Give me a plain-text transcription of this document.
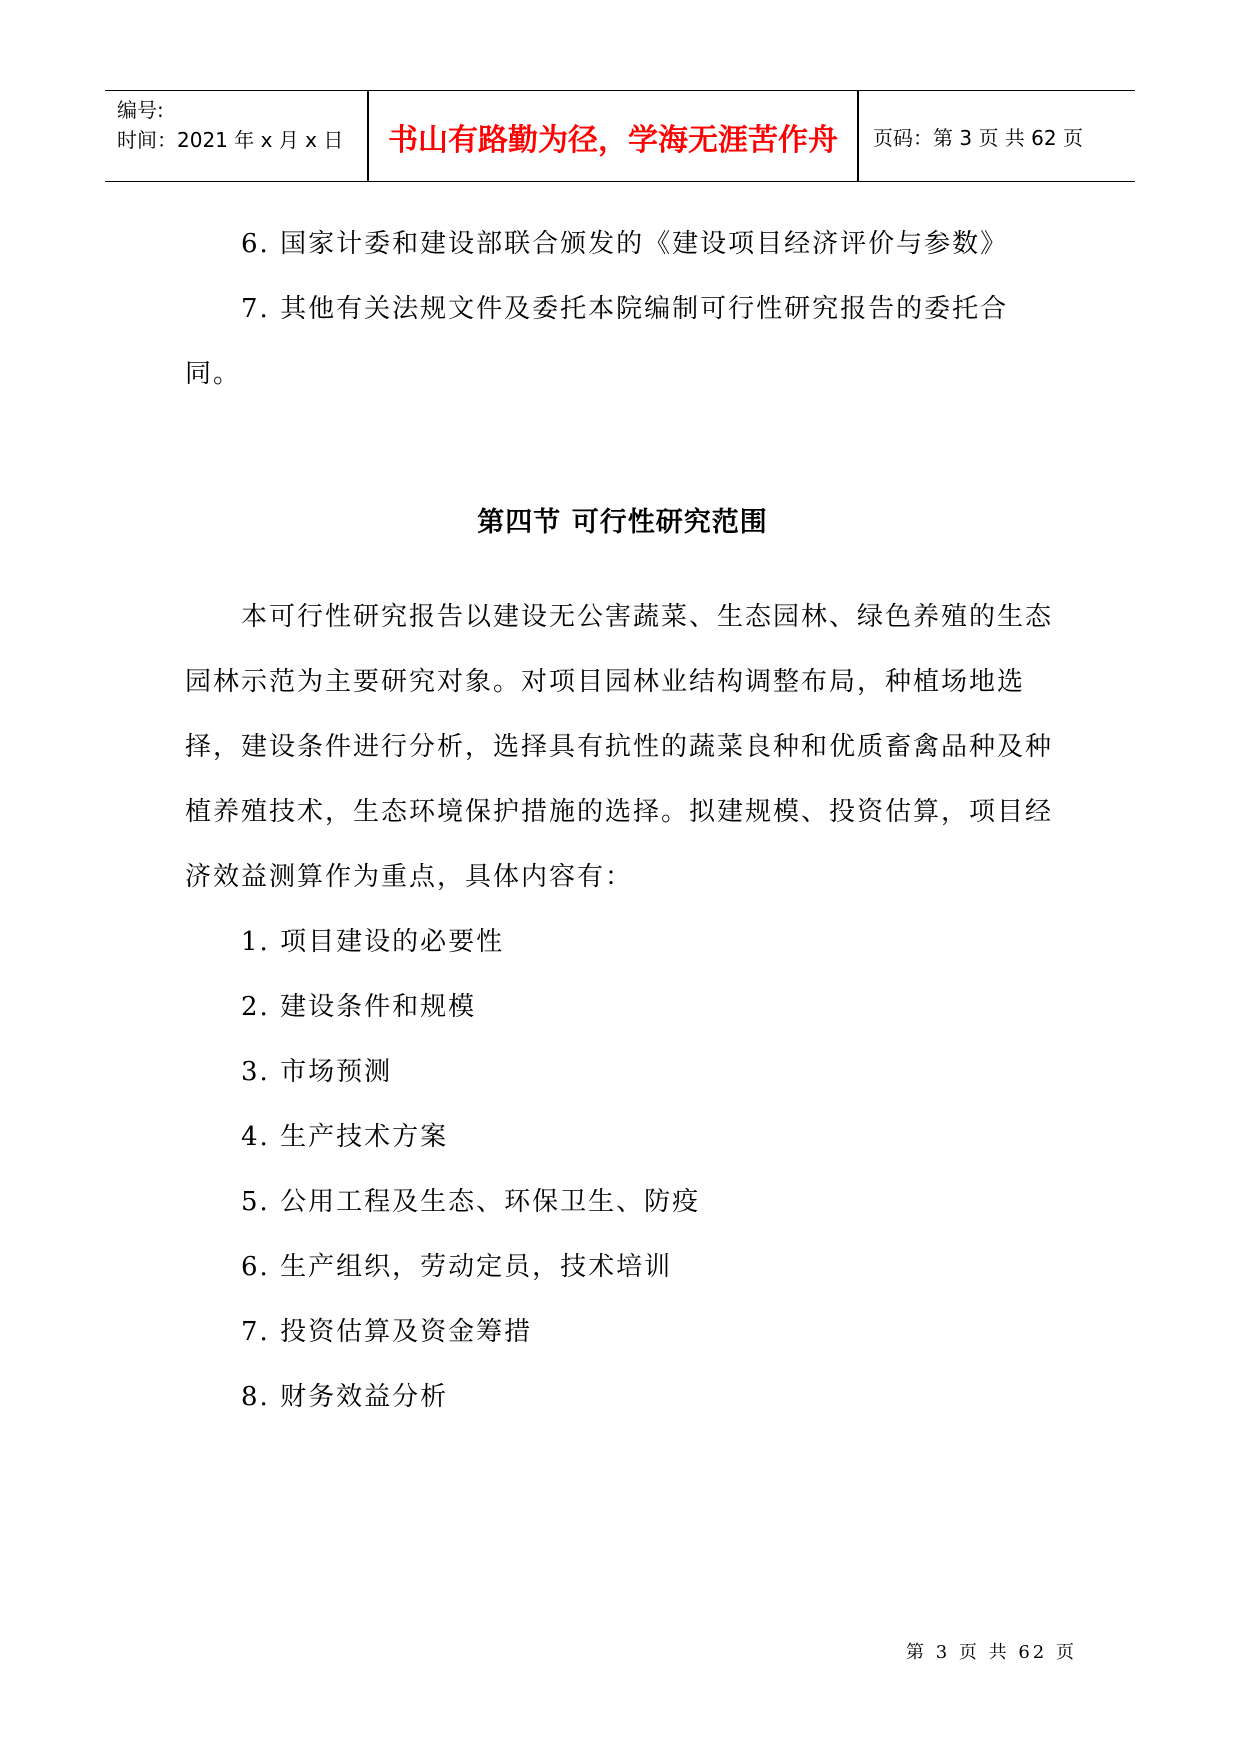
编号:
时间：2021 年 x 月 x 日	书山有路勤为径，学海无涯苦作舟	页码：第 3 页 共 62 页

6. 国家计委和建设部联合颁发的《建设项目经济评价与参数》

7. 其他有关法规文件及委托本院编制可行性研究报告的委托合同。

第四节 可行性研究范围

本可行性研究报告以建设无公害蔬菜、生态园林、绿色养殖的生态园林示范为主要研究对象。对项目园林业结构调整布局，种植场地选择，建设条件进行分析，选择具有抗性的蔬菜良种和优质畜禽品种及种植养殖技术，生态环境保护措施的选择。拟建规模、投资估算，项目经济效益测算作为重点，具体内容有：

1. 项目建设的必要性

2. 建设条件和规模

3. 市场预测

4. 生产技术方案

5. 公用工程及生态、环保卫生、防疫

6. 生产组织，劳动定员，技术培训

7. 投资估算及资金筹措

8. 财务效益分析

第 3 页 共 62 页
